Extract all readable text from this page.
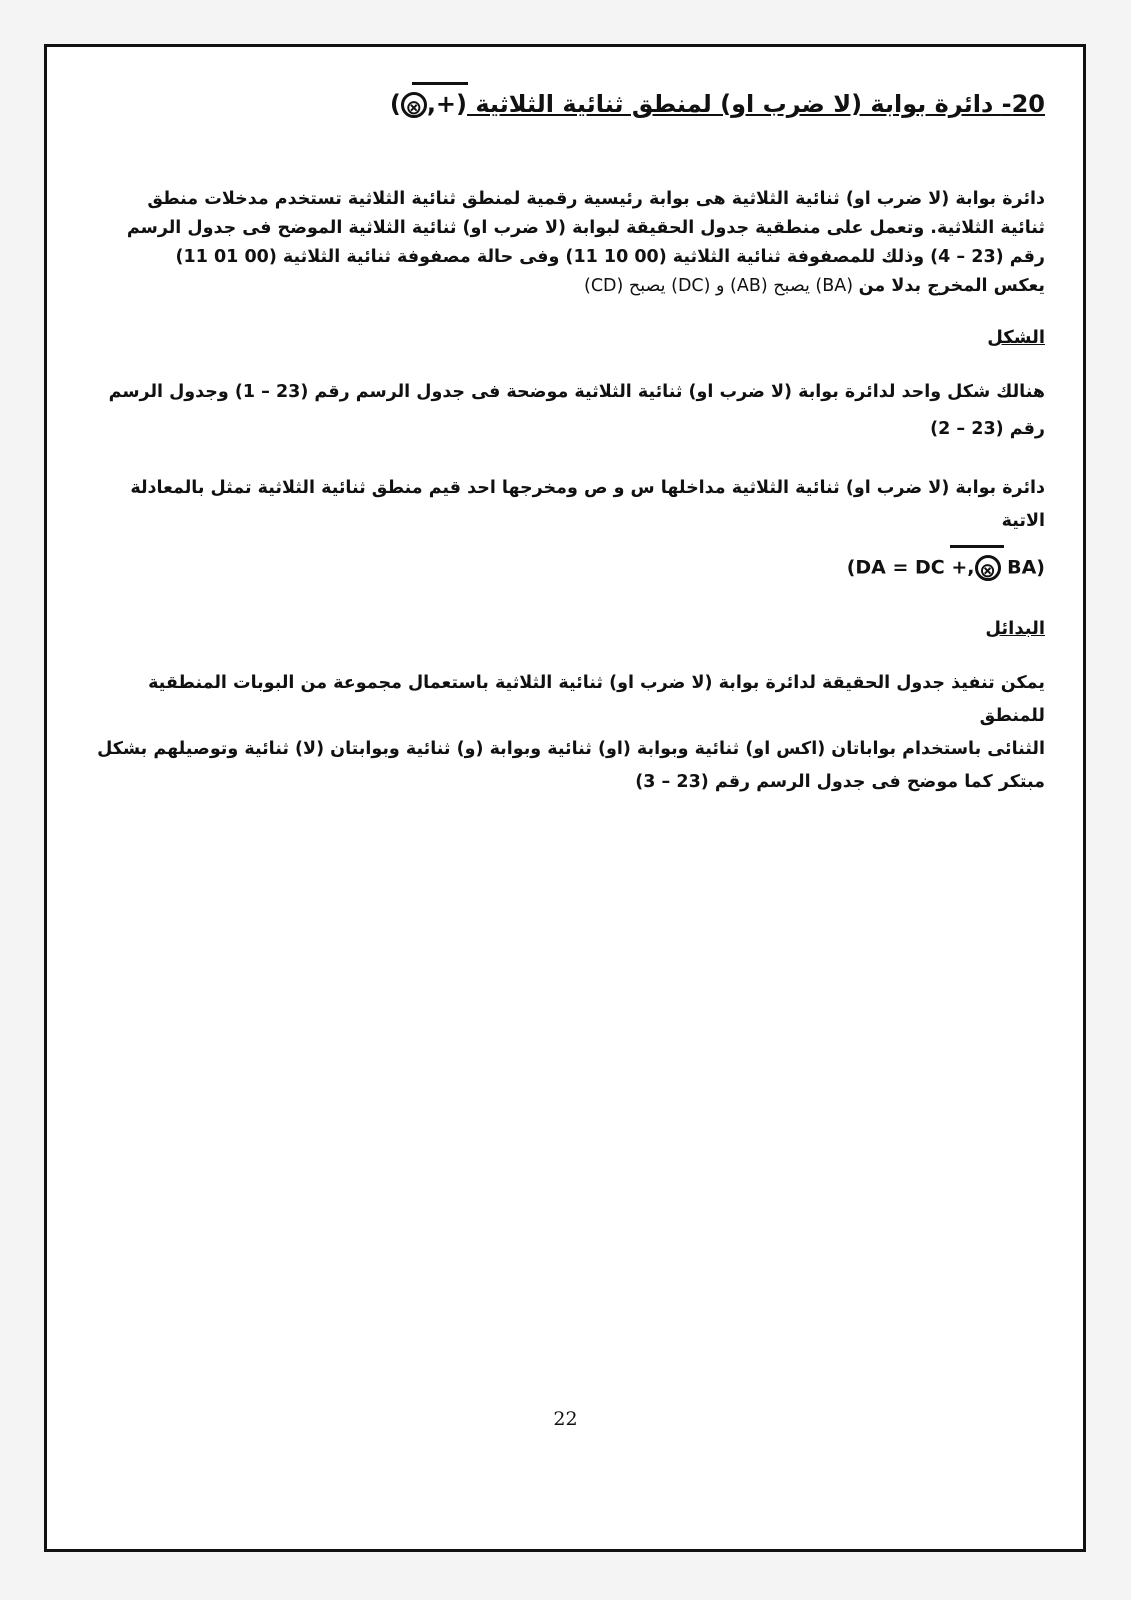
20- دائرة بوابة (لا ضرب او) لمنطق ثنائية الثلاثية
( ⊗ ,+)

دائرة بوابة (لا ضرب او) ثنائية الثلاثية هى بوابة رئيسية رقمية لمنطق ثنائية الثلاثية تستخدم مدخلات منطق

ثنائية الثلاثية. وتعمل على منطقية جدول الحقيقة لبوابة (لا ضرب او) ثنائية الثلاثية الموضح فى جدول الرسم

رقم (23 – 4) وذلك للمصفوفة ثنائية الثلاثية (00 10 11) وفى حالة مصفوفة ثنائية الثلاثية (00 01 11)

يعكس المخرج بدلا من (BA) يصبح (AB) و (DC) يصبح (CD)

الشكل

هنالك شكل واحد لدائرة بوابة (لا ضرب او) ثنائية الثلاثية موضحة فى جدول الرسم رقم (23 – 1) وجدول الرسم

رقم (23 – 2)

دائرة بوابة (لا ضرب او) ثنائية الثلاثية مداخلها س و ص ومخرجها احد قيم منطق ثنائية الثلاثية تمثل بالمعادلة

الاتية

(DA = DC +, ⊗ BA)
البدائل

يمكن تنفيذ جدول الحقيقة لدائرة بوابة (لا ضرب او) ثنائية الثلاثية باستعمال مجموعة من البوبات المنطقية للمنطق

الثنائى باستخدام بواباتان (اكس او) ثنائية وبوابة (او) ثنائية وبوابة (و) ثنائية وبوابتان (لا) ثنائية وتوصيلهم بشكل

مبتكر كما موضح فى جدول الرسم رقم (23 – 3)

22
